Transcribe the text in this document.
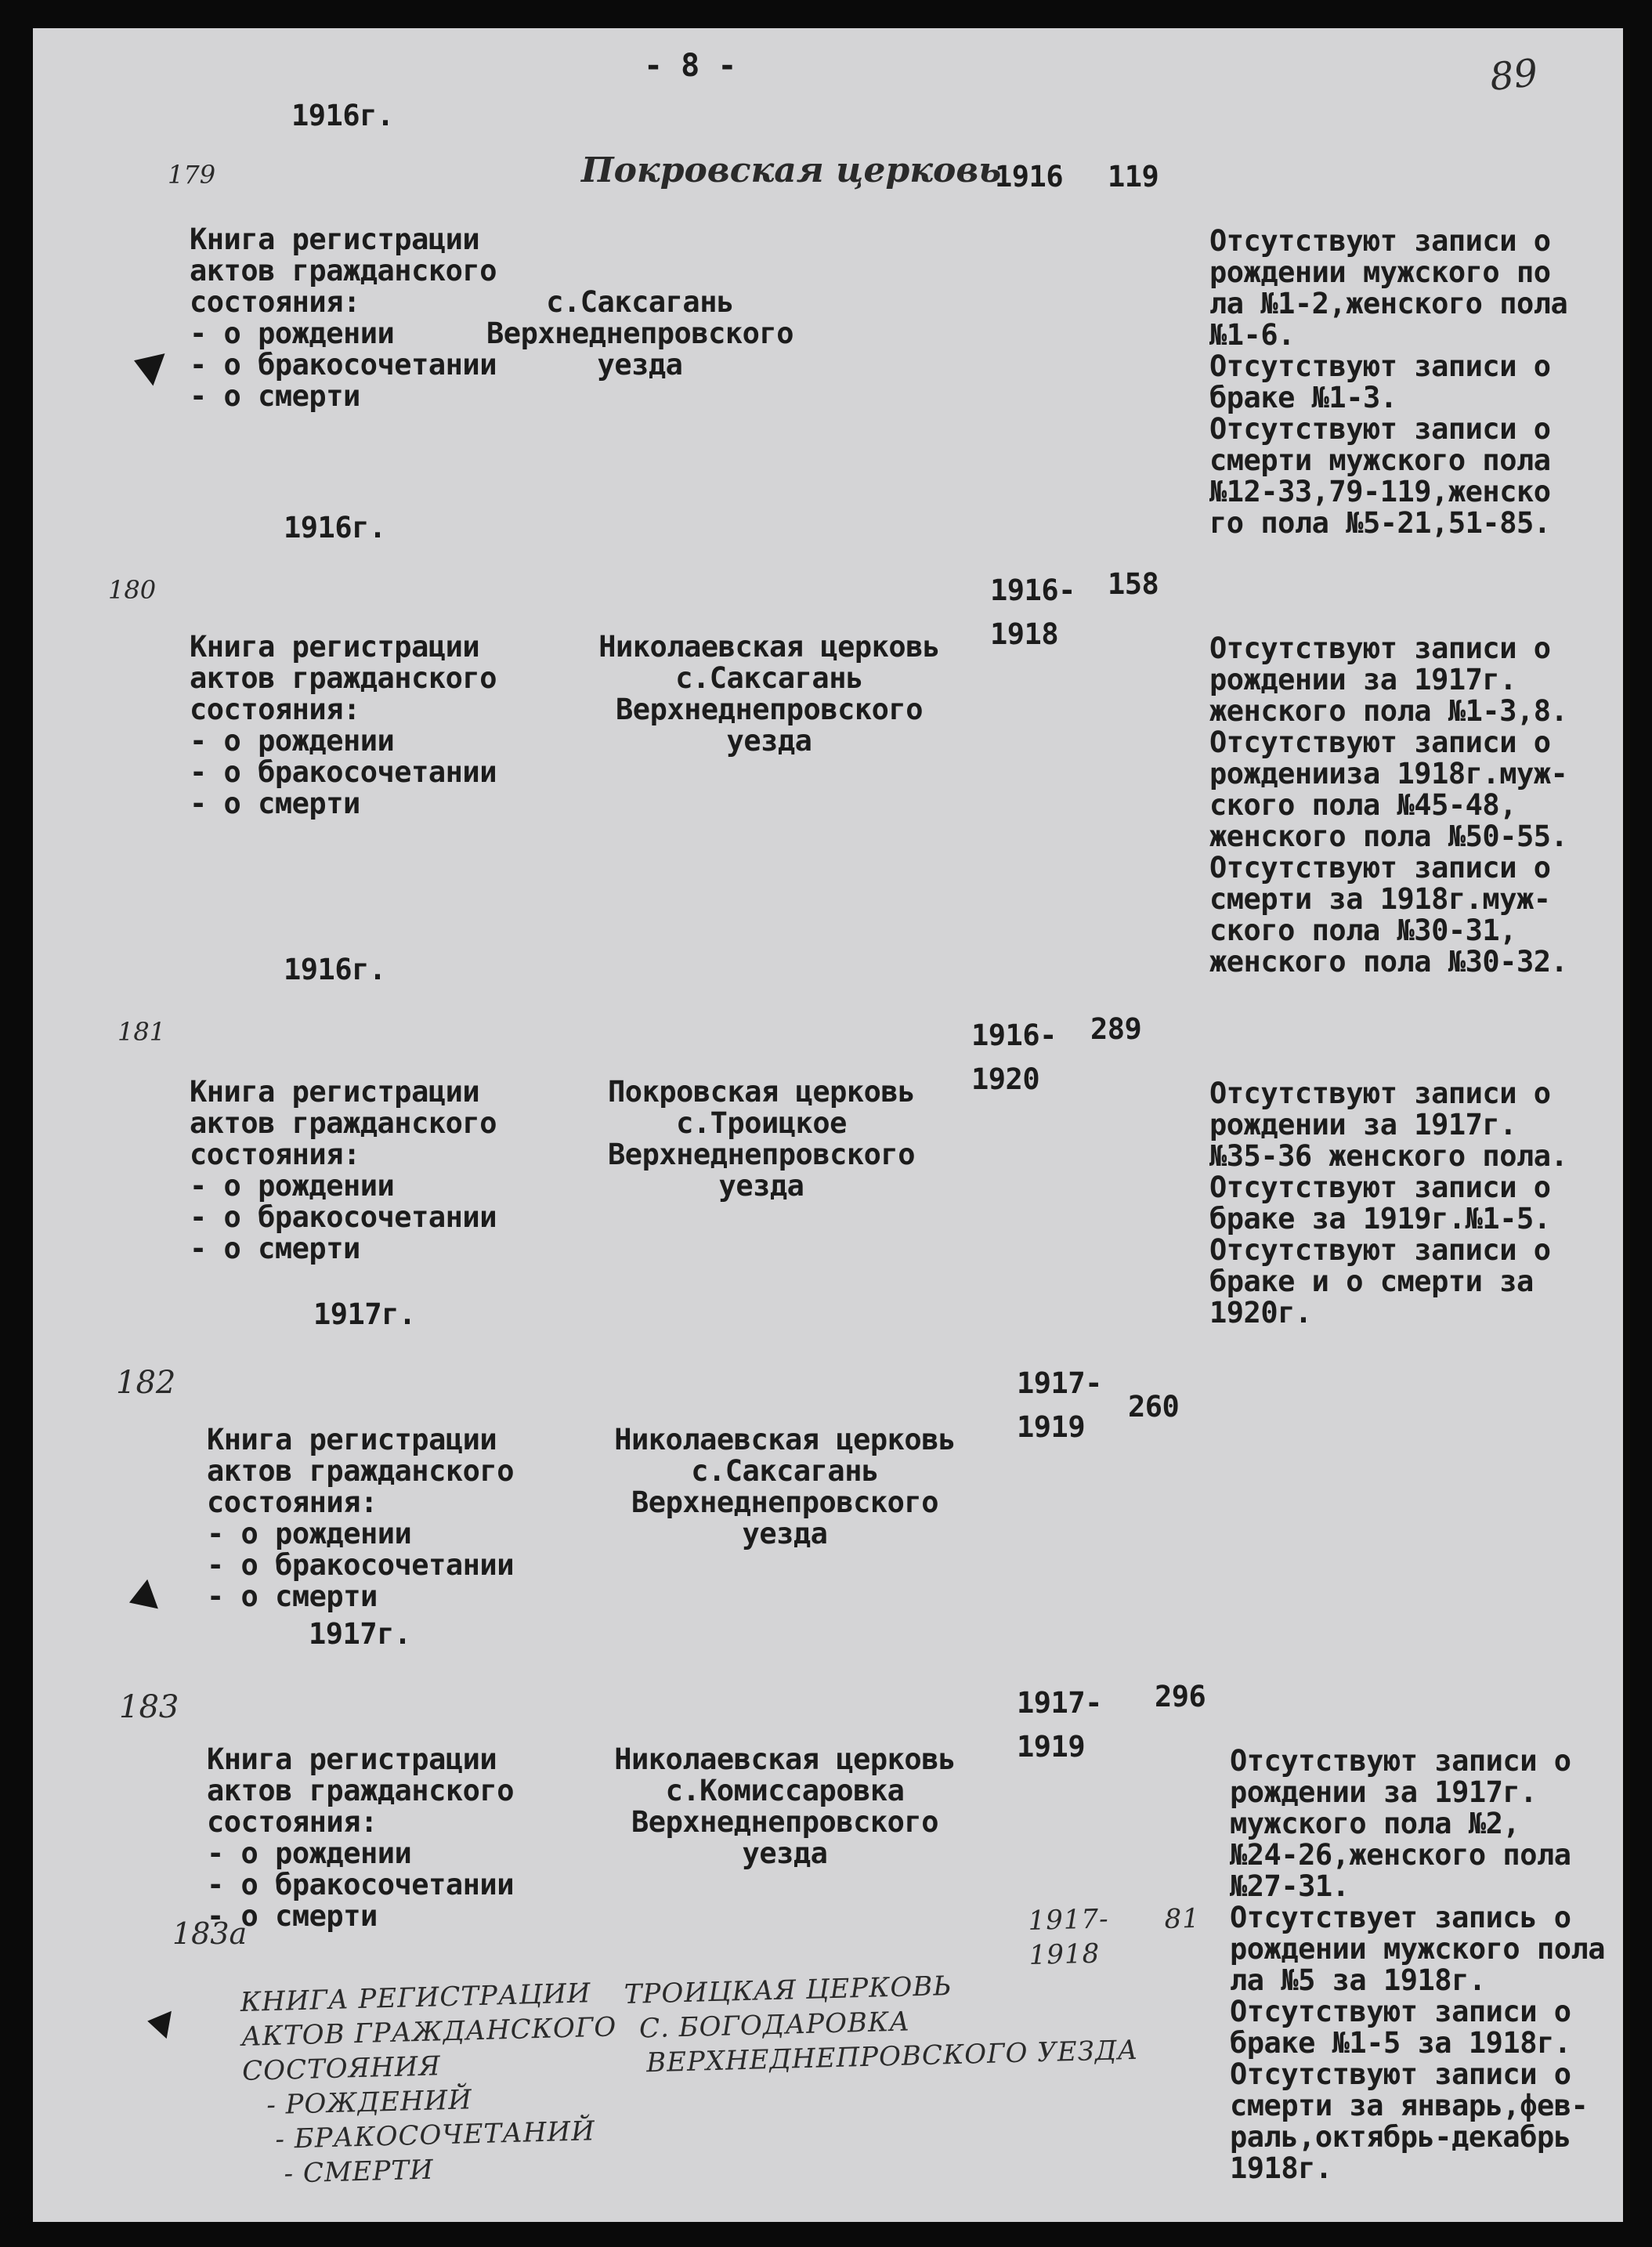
- 8 -	89
1916г.
179

Книга регистрации
актов гражданского
состояния:
- о рождении
- о бракосочетании
- о смерти

Покровская церковь

с.Саксагань
Верхнеднепровского
уезда

1916 119

Отсутствуют записи о
рождении мужского по
ла №1-2,женского пола
№1-6.
Отсутствуют записи о
браке №1-3.
Отсутствуют записи о
смерти мужского пола
№12-33,79-119,женско
го пола №5-21,51-85.

1916г.
180

Книга регистрации
актов гражданского
состояния:
- о рождении
- о бракосочетании
- о смерти

Николаевская церковь
с.Саксагань
Верхнеднепровского
уезда

1916-
1918
158

Отсутствуют записи о
рождении за 1917г.
женского пола №1-3,8.
Отсутствуют записи о
рожденииза 1918г.муж-
ского пола №45-48,
женского пола №50-55.
Отсутствуют записи о
смерти за 1918г.муж-
ского пола №30-31,
женского пола №30-32.

1916г.
181

Книга регистрации
актов гражданского
состояния:
- о рождении
- о бракосочетании
- о смерти

Покровская церковь
с.Троицкое
Верхнеднепровского
уезда

1916-
1920
289

Отсутствуют записи о
рождении за 1917г.
№35-36 женского пола.
Отсутствуют записи о
браке за 1919г.№1-5.
Отсутствуют записи о
браке и о смерти за
1920г.

1917г.
182

Книга регистрации
актов гражданского
состояния:
- о рождении
- о бракосочетании
- о смерти

Николаевская церковь
с.Саксагань
Верхнеднепровского
уезда

1917-
1919
260
1917г.
183

Книга регистрации
актов гражданского
состояния:
- о рождении
- о бракосочетании
- о смерти

Николаевская церковь
с.Комиссаровка
Верхнеднепровского
уезда

1917-
1919
296

Отсутствуют записи о
рождении за 1917г.
мужского пола №2,
№24-26,женского пола
№27-31.
Отсутствует запись о
рождении мужского пола
ла №5 за 1918г.
Отсутствуют записи о
браке №1-5 за 1918г.
Отсутствуют записи о
смерти за январь,фев-
раль,октябрь-декабрь
1918г.

183а

КНИГА РЕГИСТРАЦИИ
АКТОВ ГРАЖДАНСКОГО
СОСТОЯНИЯ
- РОЖДЕНИЙ
- БРАКОСОЧЕТАНИЙ
- СМЕРТИ

ТРОИЦКАЯ ЦЕРКОВЬ
С. БОГОДАРОВКА
ВЕРХНЕДНЕПРОВСКОГО УЕЗДА

1917-
1918
81
